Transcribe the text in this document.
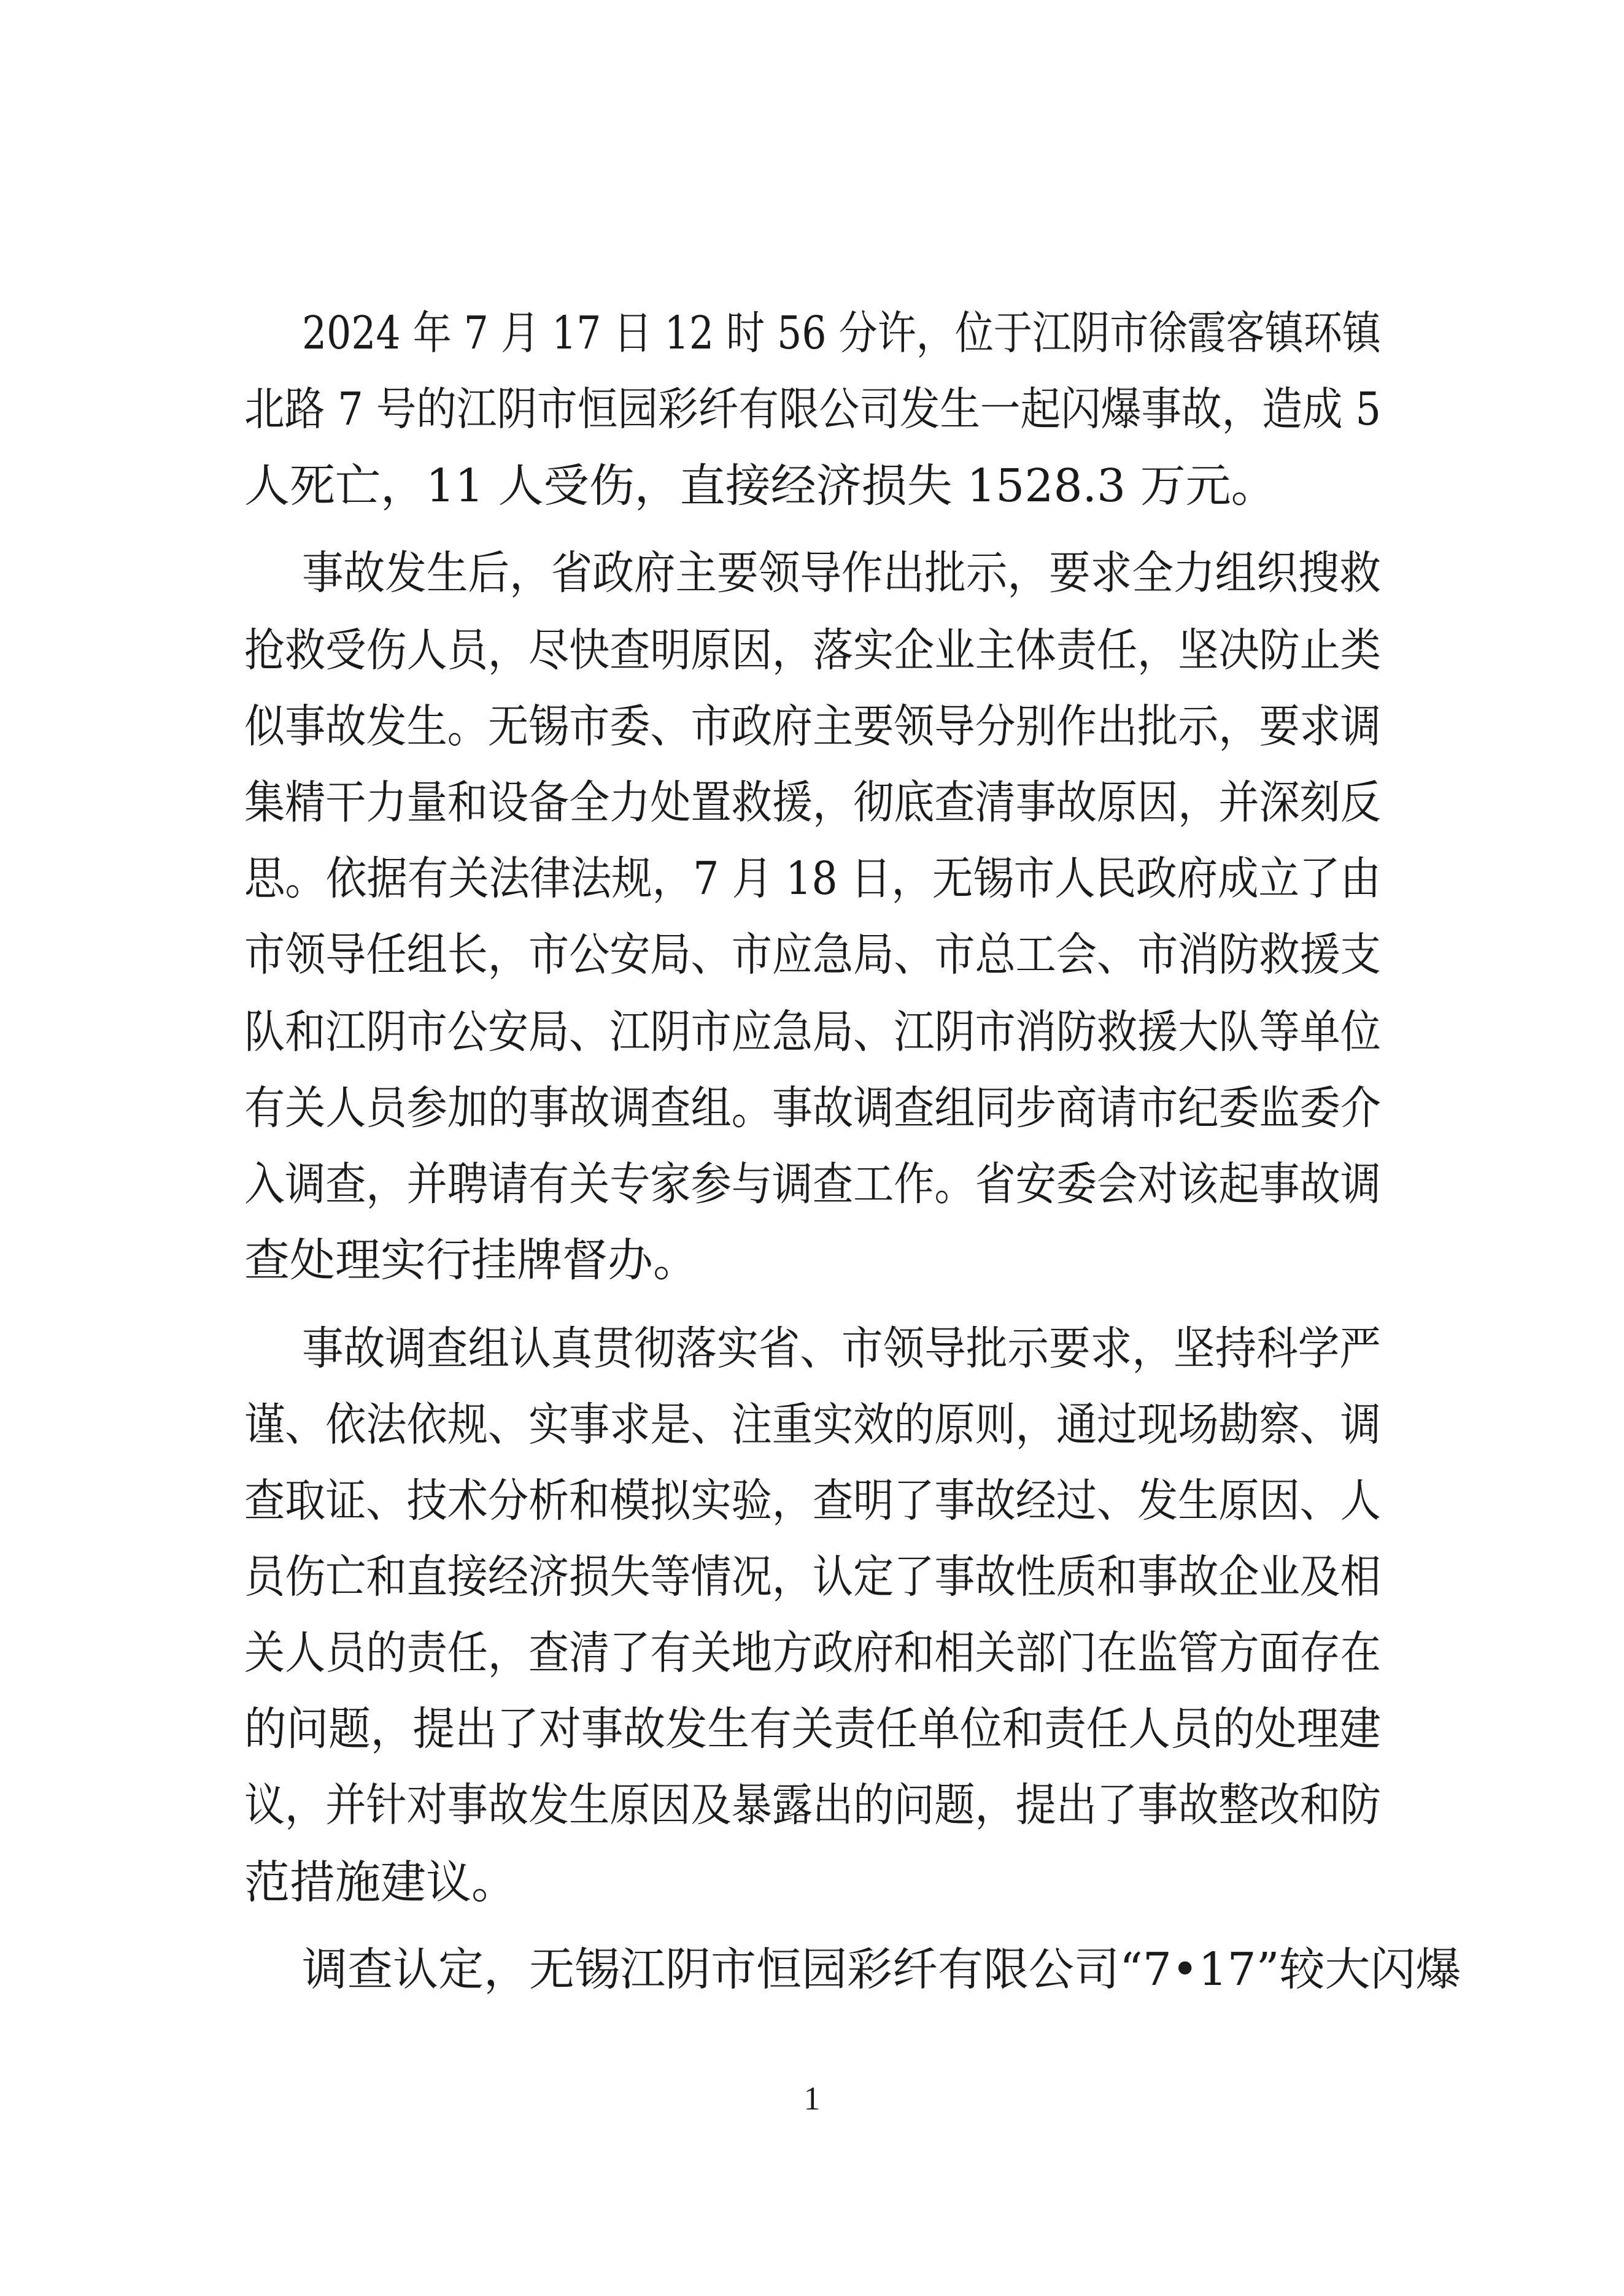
2024 年 7 月 17 日 12 时 56 分许，位于江阴市徐霞客镇环镇
北路 7 号的江阴市恒园彩纤有限公司发生一起闪爆事故，造成 5
人死亡，11 人受伤，直接经济损失 1528.3 万元。
事故发生后，省政府主要领导作出批示，要求全力组织搜救
抢救受伤人员，尽快查明原因，落实企业主体责任，坚决防止类
似事故发生。无锡市委、市政府主要领导分别作出批示，要求调
集精干力量和设备全力处置救援，彻底查清事故原因，并深刻反
思。依据有关法律法规，7 月 18 日，无锡市人民政府成立了由
市领导任组长，市公安局、市应急局、市总工会、市消防救援支
队和江阴市公安局、江阴市应急局、江阴市消防救援大队等单位
有关人员参加的事故调查组。事故调查组同步商请市纪委监委介
入调查，并聘请有关专家参与调查工作。省安委会对该起事故调
查处理实行挂牌督办。
事故调查组认真贯彻落实省、市领导批示要求，坚持科学严
谨、依法依规、实事求是、注重实效的原则，通过现场勘察、调
查取证、技术分析和模拟实验，查明了事故经过、发生原因、人
员伤亡和直接经济损失等情况，认定了事故性质和事故企业及相
关人员的责任，查清了有关地方政府和相关部门在监管方面存在
的问题，提出了对事故发生有关责任单位和责任人员的处理建
议，并针对事故发生原因及暴露出的问题，提出了事故整改和防
范措施建议。
调查认定，无锡江阴市恒园彩纤有限公司“7•17”较大闪爆
1
